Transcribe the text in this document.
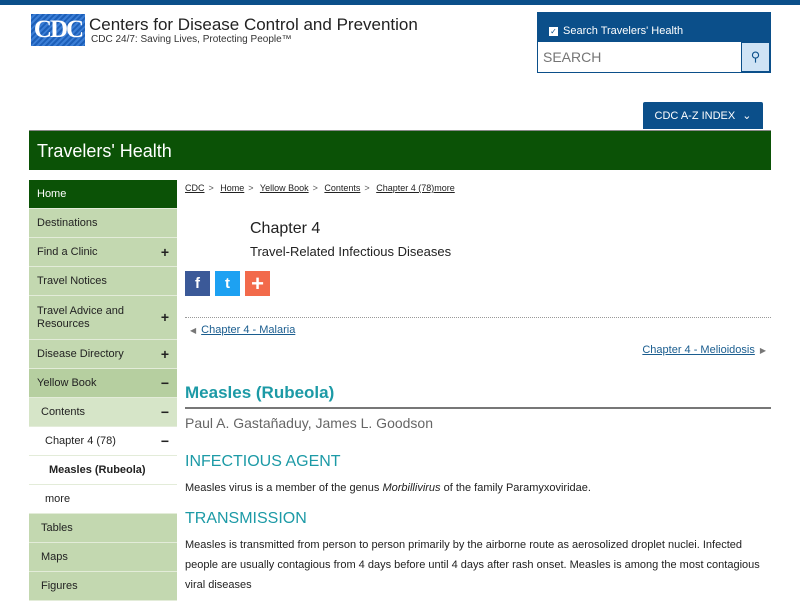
CDC Centers for Disease Control and Prevention
CDC 24/7: Saving Lives, Protecting People™
✓ Search Travelers' Health
SEARCH
⚲
CDC A-Z INDEX ⌄
Travelers' Health
Home
Destinations
Find a Clinic	+
Travel Notices
Travel Advice and Resources	+
Disease Directory	+
Yellow Book	−
Contents	−
Chapter 4 (78)	−
Measles (Rubeola)
more
Tables
Maps
Figures
CDC > Home > Yellow Book > Contents > Chapter 4 (78)more
Chapter 4
Travel-Related Infectious Diseases
f	t +
◀ Chapter 4 - Malaria
Chapter 4 - Melioidosis ▶
Measles (Rubeola)
Paul A. Gastañaduy, James L. Goodson
INFECTIOUS AGENT
Measles virus is a member of the genus Morbillivirus of the family Paramyxoviridae.
TRANSMISSION
Measles is transmitted from person to person primarily by the airborne route as aerosolized droplet nuclei. Infected people are usually contagious from 4 days before until 4 days after rash onset. Measles is among the most contagious viral diseases
